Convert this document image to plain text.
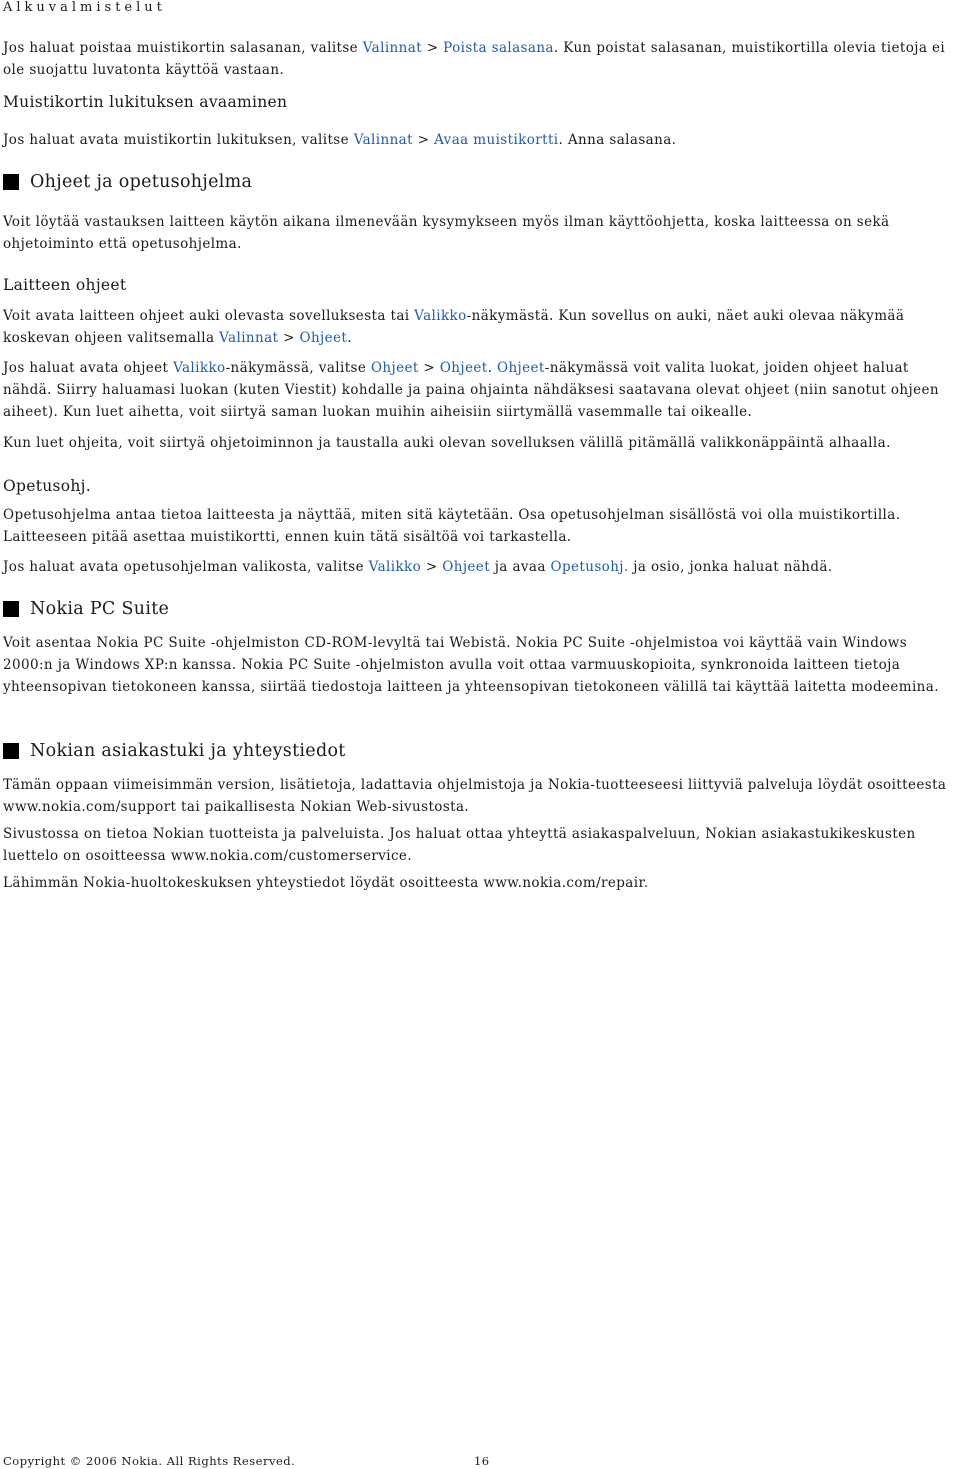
Alkuvalmistelut

Jos haluat poistaa muistikortin salasanan, valitse Valinnat > Poista salasana. Kun poistat salasanan, muistikortilla olevia tietoja ei ole suojattu luvatonta käyttöä vastaan.

Muistikortin lukituksen avaaminen

Jos haluat avata muistikortin lukituksen, valitse Valinnat > Avaa muistikortti. Anna salasana.

Ohjeet ja opetusohjelma

Voit löytää vastauksen laitteen käytön aikana ilmenevään kysymykseen myös ilman käyttöohjetta, koska laitteessa on sekä ohjetoiminto että opetusohjelma.

Laitteen ohjeet

Voit avata laitteen ohjeet auki olevasta sovelluksesta tai Valikko-näkymästä. Kun sovellus on auki, näet auki olevaa näkymää koskevan ohjeen valitsemalla Valinnat > Ohjeet.

Jos haluat avata ohjeet Valikko-näkymässä, valitse Ohjeet > Ohjeet. Ohjeet-näkymässä voit valita luokat, joiden ohjeet haluat nähdä. Siirry haluamasi luokan (kuten Viestit) kohdalle ja paina ohjainta nähdäksesi saatavana olevat ohjeet (niin sanotut ohjeen aiheet). Kun luet aihetta, voit siirtyä saman luokan muihin aiheisiin siirtymällä vasemmalle tai oikealle.

Kun luet ohjeita, voit siirtyä ohjetoiminnon ja taustalla auki olevan sovelluksen välillä pitämällä valikkonäppäintä alhaalla.

Opetusohj.

Opetusohjelma antaa tietoa laitteesta ja näyttää, miten sitä käytetään. Osa opetusohjelman sisällöstä voi olla muistikortilla. Laitteeseen pitää asettaa muistikortti, ennen kuin tätä sisältöä voi tarkastella.

Jos haluat avata opetusohjelman valikosta, valitse Valikko > Ohjeet ja avaa Opetusohj. ja osio, jonka haluat nähdä.

Nokia PC Suite

Voit asentaa Nokia PC Suite -ohjelmiston CD-ROM-levyltä tai Webistä. Nokia PC Suite -ohjelmistoa voi käyttää vain Windows 2000:n ja Windows XP:n kanssa. Nokia PC Suite -ohjelmiston avulla voit ottaa varmuuskopioita, synkronoida laitteen tietoja yhteensopivan tietokoneen kanssa, siirtää tiedostoja laitteen ja yhteensopivan tietokoneen välillä tai käyttää laitetta modeemina.

Nokian asiakastuki ja yhteystiedot

Tämän oppaan viimeisimmän version, lisätietoja, ladattavia ohjelmistoja ja Nokia-tuotteeseesi liittyviä palveluja löydät osoitteesta www.nokia.com/support tai paikallisesta Nokian Web-sivustosta.

Sivustossa on tietoa Nokian tuotteista ja palveluista. Jos haluat ottaa yhteyttä asiakaspalveluun, Nokian asiakastukikeskusten luettelo on osoitteessa www.nokia.com/customerservice.

Lähimmän Nokia-huoltokeskuksen yhteystiedot löydät osoitteesta www.nokia.com/repair.

Copyright © 2006 Nokia. All Rights Reserved.	16
